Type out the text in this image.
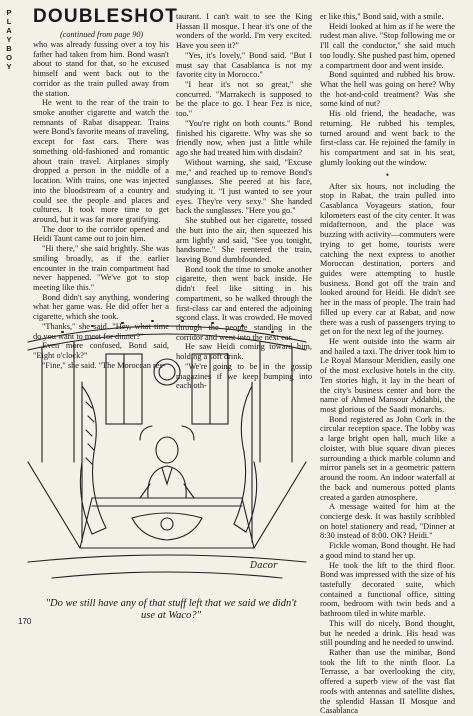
P
L
A
Y
B
O
Y
DOUBLESHOT
(continued from page 90)

who was already fussing over a toy his father had taken from him. Bond wasn't about to stand for that, so he excused himself and went back out to the corridor as the train pulled away from the station.

He went to the rear of the train to smoke another cigarette and watch the remnants of Rabat disappear. Trains were Bond's favorite means of traveling, except for fast cars. There was something old-fashioned and romantic about train travel. Airplanes simply dropped a person in the middle of a location. With trains, one was injected into the bloodstream of a country and could see the people and places and cultures. It took more time to get around, but it was far more gratifying.

The door to the corridor opened and Heidi Taunt came out to join him.

"Hi there," she said brightly. She was smiling broadly, as if the earlier encounter in the train compartment had never happened. "We've got to stop meeting like this."

Bond didn't say anything, wondering what her game was. He did offer her a cigarette, which she took.

"Thanks," she said. "Hey, what time do you want to meet for dinner?"

Even more confused, Bond said, "Eight o'clock?"

"Fine," she said. "The Moroccan res-

taurant. I can't wait to see the King Hassan II mosque. I hear it's one of the wonders of the world. I'm very excited. Have you seen it?"

"Yes, it's lovely," Bond said. "But I must say that Casablanca is not my favorite city in Morocco."

"I hear it's not so great," she concurred. "Marrakech is supposed to be the place to go. I hear Fez is nice, too."

"You're right on both counts." Bond finished his cigarette. Why was she so friendly now, when just a little while ago she had treated him with disdain?

Without warning, she said, "Excuse me," and reached up to remove Bond's sunglasses. She peered at his face, studying it. "I just wanted to see your eyes. They're very sexy." She handed back the sunglasses. "Here you go."

She stubbed out her cigarette, tossed the butt into the air, then squeezed his arm lightly and said, "See you tonight, handsome." She reentered the train, leaving Bond dumbfounded.

Bond took the time to smoke another cigarette, then went back inside. He didn't feel like sitting in his compartment, so he walked through the first-class car and entered the adjoining second class. It was crowded. He moved through the people standing in the corridor and went into the next car.

He saw Heidi coming toward him, holding a soft drink.

"We're going to be in the gossip magazines if we keep bumping into each oth-

er like this," Bond said, with a smile.

Heidi looked at him as if he were the rudest man alive. "Stop following me or I'll call the conductor," she said much too loudly. She pushed past him, opened a compartment door and went inside.

Bond squinted and rubbed his brow. What the hell was going on here? Why the hot-and-cold treatment? Was she some kind of nut?

His old friend, the headache, was returning. He rubbed his temples, turned around and went back to the first-class car. He rejoined the family in his compartment and sat in his seat, glumly looking out the window.

•

After six hours, not including the stop in Rabat, the train pulled into Casablanca Voyageurs station, four kilometers east of the city center. It was midafternoon, and the place was buzzing with activity—commuters were trying to get home, tourists were catching the next express to another Moroccan destination, porters and guides were attempting to hustle business. Bond got off the train and looked around for Heidi. He didn't see her in the mass of people. The train had filled up every car at Rabat, and now there was a rush of passengers trying to get on for the next leg of the journey.

He went outside into the warm air and hailed a taxi. The driver took him to Le Royal Mansour Meridien, easily one of the most exclusive hotels in the city. Ten stories high, it lay in the heart of the city's business center and bore the name of Ahmed Mansour Addahbi, the most glorious of the Saadi monarchs.

Bond registered as John Cork in the circular reception space. The lobby was a large bright open hall, much like a cloister, with blue square divan pieces surrounding a thick marble column and mirror panels set in a geometric pattern around the room. An indoor waterfall at the back and numerous potted plants created a garden atmosphere.

A message waited for him at the concierge desk. It was hastily scribbled on hotel stationery and read, "Dinner at 8:30 instead of 8:00. OK? Heidi."

Fickle woman, Bond thought. He had a good mind to stand her up.

He took the lift to the third floor. Bond was impressed with the size of his tastefully decorated suite, which contained a functional office, sitting room, bedroom with twin beds and a bathroom tiled in white marble.

This will do nicely, Bond thought, but he needed a drink. His head was still pounding and he needed to unwind.

Rather than use the minibar, Bond took the lift to the ninth floor. La Terrasse, a bar overlooking the city, offered a superb view of the vast flat roofs with antennas and satellite dishes, the splendid Hassan II Mosque and Casablanca

Dacor
"Do we still have any of that stuff left that we said we didn't use at Waco?"
170
